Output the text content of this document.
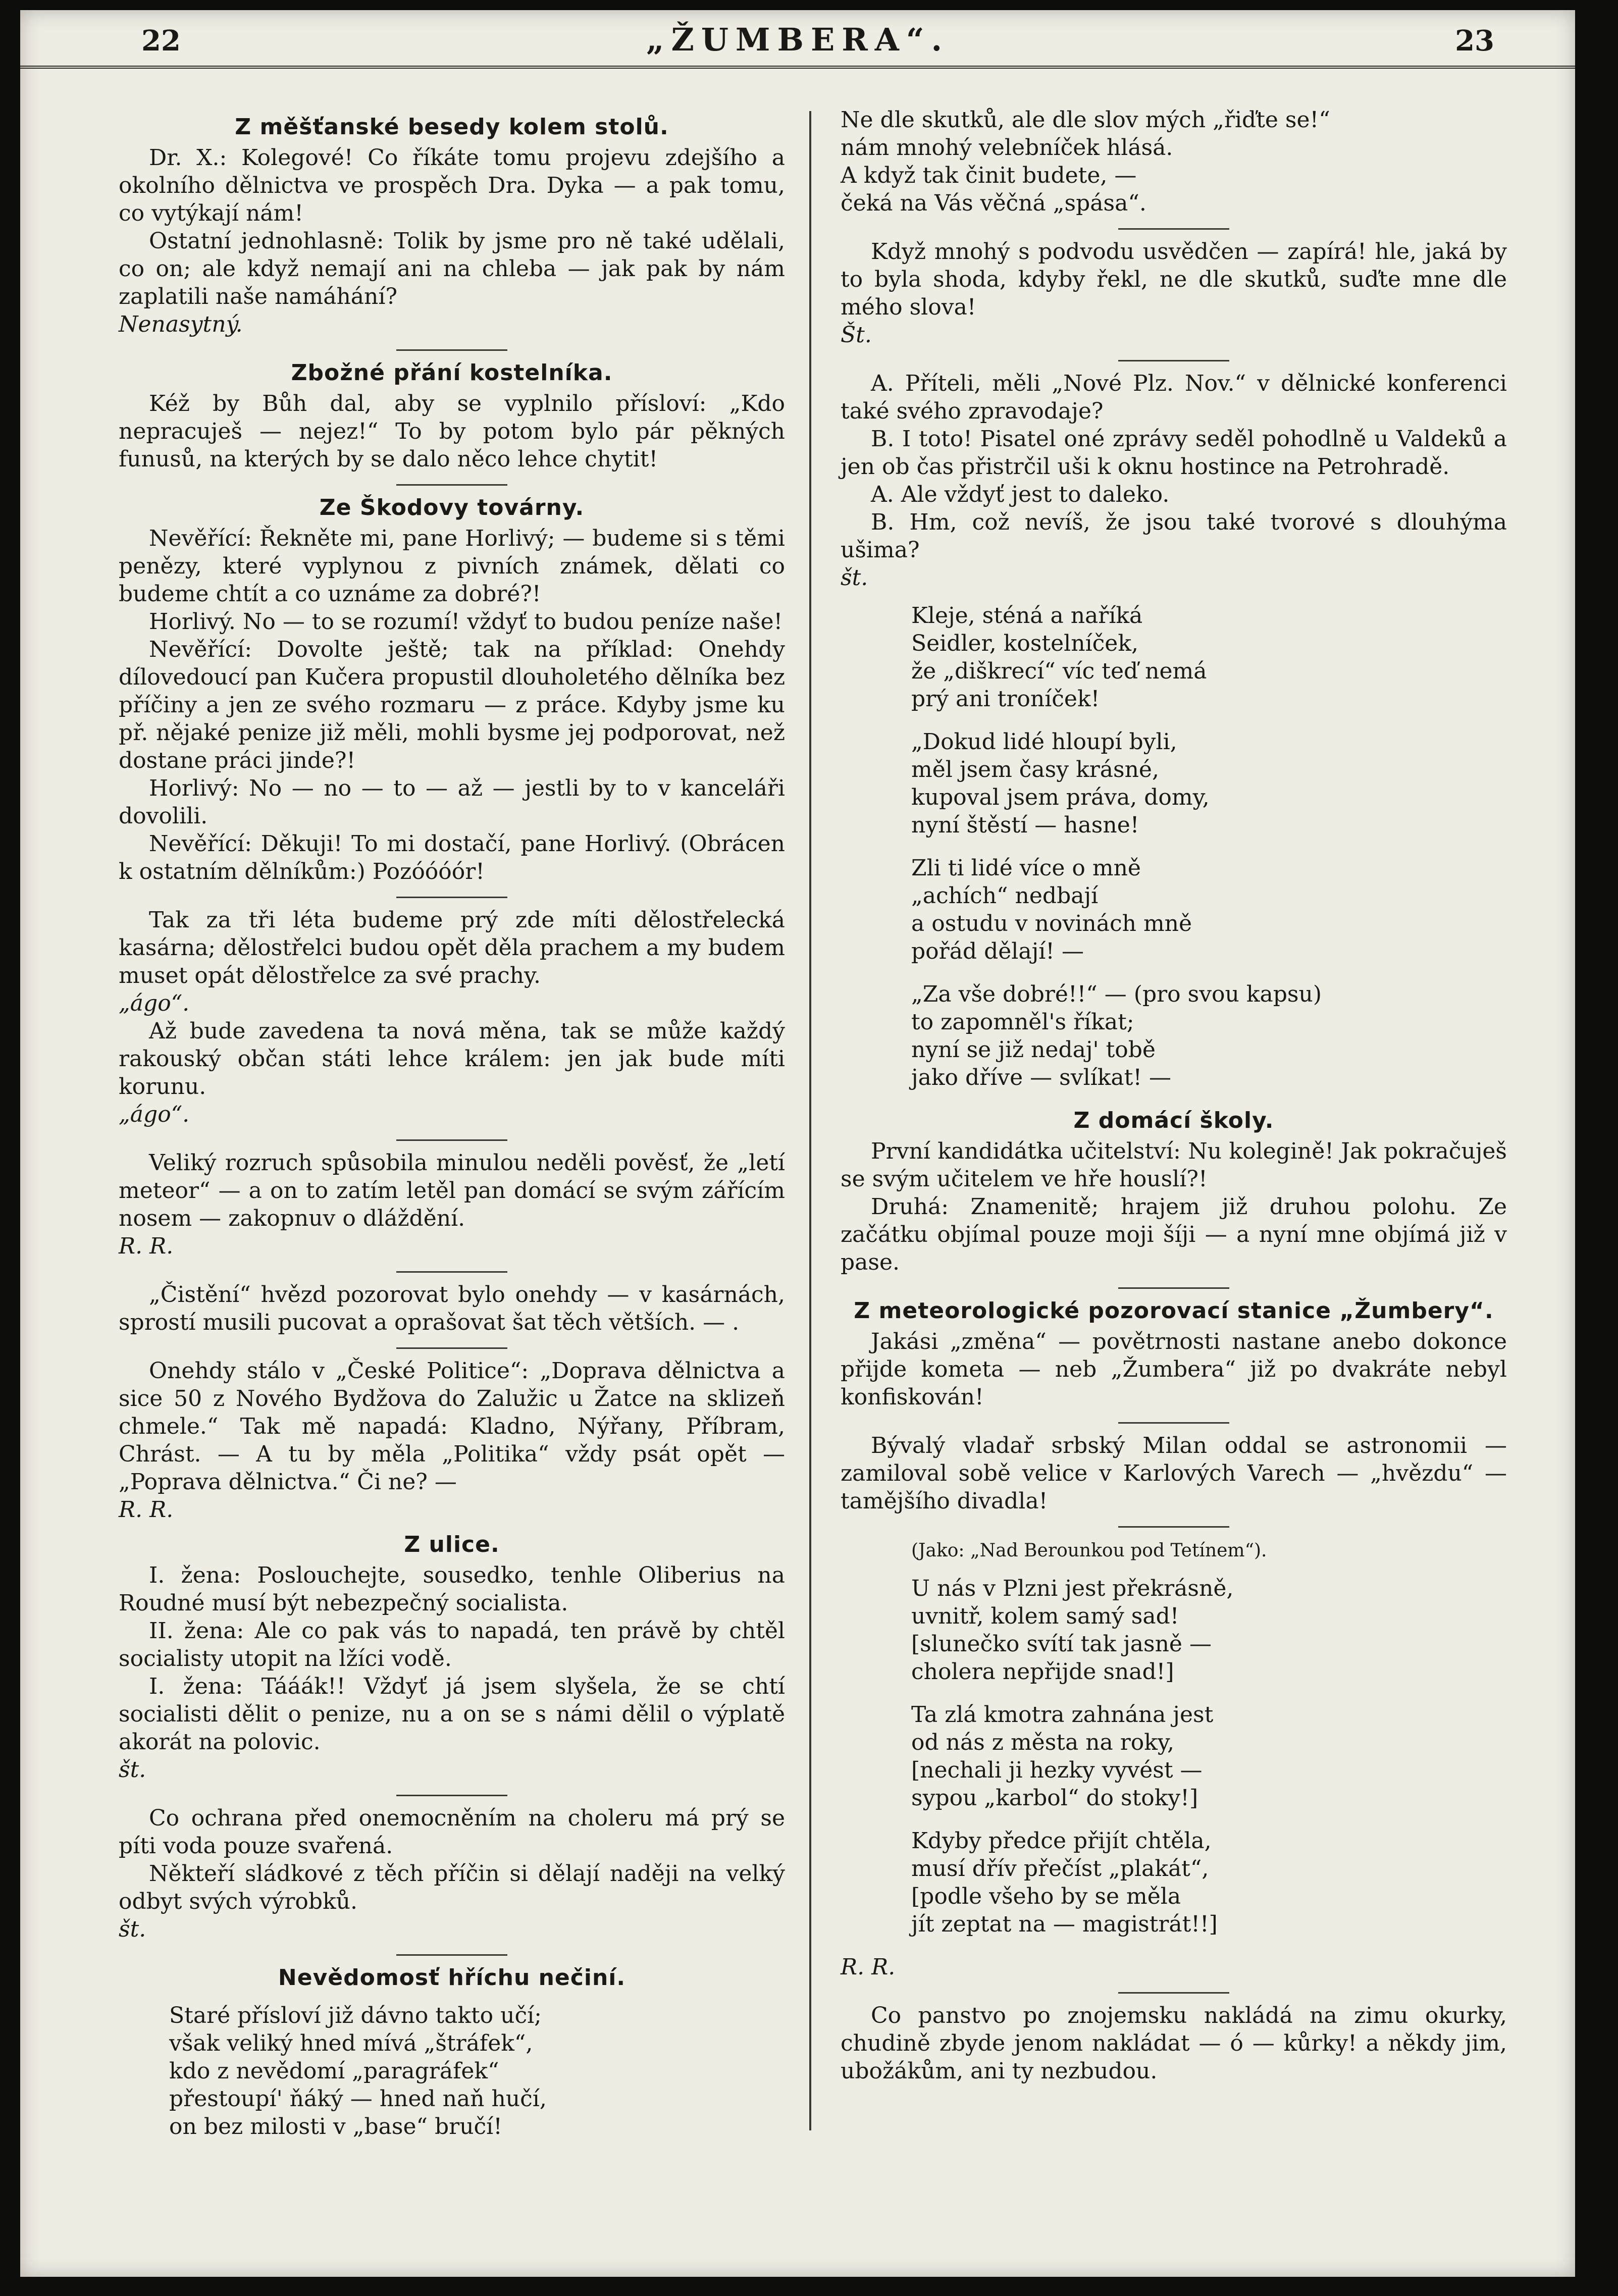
22	„ŽUMBERA“.	23
Z měšťanské besedy kolem stolů.

Dr. X.: Kolegové! Co říkáte tomu projevu zdejšího a okolního dělnictva ve prospěch Dra. Dyka — a pak tomu, co vytýkají nám!

Ostatní jednohlasně: Tolik by jsme pro ně také udělali, co on; ale když nemají ani na chleba — jak pak by nám zaplatili naše namáhání?

Nenasytný.

Zbožné přání kostelníka.

Kéž by Bůh dal, aby se vyplnilo přísloví: „Kdo nepracuješ — nejez!“ To by potom bylo pár pěkných funusů, na kterých by se dalo něco lehce chytit!

Ze Škodovy továrny.

Nevěřící: Řekněte mi, pane Horlivý; — budeme si s těmi penězy, které vyplynou z pivních známek, dělati co budeme chtít a co uznáme za dobré?!

Horlivý. No — to se rozumí! vždyť to budou peníze naše!

Nevěřící: Dovolte ještě; tak na příklad: Onehdy dílovedoucí pan Kučera propustil dlouholetého dělníka bez příčiny a jen ze svého rozmaru — z práce. Kdyby jsme ku př. nějaké penize již měli, mohli bysme jej podporovat, než dostane práci jinde?!

Horlivý: No — no — to — až — jestli by to v kanceláři dovolili.

Nevěřící: Děkuji! To mi dostačí, pane Horlivý. (Obrácen k ostatním dělníkům:) Pozóóóór!

Tak za tři léta budeme prý zde míti dělostřelecká kasárna; dělostřelci budou opět děla prachem a my budem muset opát dělostřelce za své prachy.

„ágo“.

Až bude zavedena ta nová měna, tak se může každý rakouský občan státi lehce králem: jen jak bude míti korunu.

„ágo“.

Veliký rozruch spůsobila minulou neděli pověsť, že „letí meteor“ — a on to zatím letěl pan domácí se svým zářícím nosem — zakopnuv o dláždění.

R. R.

„Čistění“ hvězd pozorovat bylo onehdy — v kasárnách, sprostí musili pucovat a oprašovat šat těch větších. — .

Onehdy stálo v „České Politice“: „Doprava dělnictva a sice 50 z Nového Bydžova do Zalužic u Žatce na sklizeň chmele.“ Tak mě napadá: Kladno, Nýřany, Příbram, Chrást. — A tu by měla „Politika“ vždy psát opět — „Poprava dělnictva.“ Či ne? —

R. R.

Z ulice.

I. žena: Posloucheјte, sousedko, tenhle Oliberius na Roudné musí být nebezpečný socialista.

II. žena: Ale co pak vás to napadá, ten právě by chtěl socialisty utopit na lžíci vodě.

I. žena: Tááák!! Vždyť já jsem slyšela, že se chtí socialisti dělit o penize, nu a on se s námi dělil o výplatě akorát na polovic.

št.

Co ochrana před onemocněním na choleru má prý se píti voda pouze svařená.

Někteří sládkové z těch příčin si dělají naději na velký odbyt svých výrobků.

št.

Nevědomosť hříchu nečiní.
Staré přísloví již dávno takto učí;
však veliký hned mívá „štráfek“,
kdo z nevědomí „paragráfek“
přestoupí' ňáký — hned naň hučí,
on bez milosti v „base“ bručí!
Ne dle skutků, ale dle slov mých „řiďte se!“
nám mnohý velebníček hlásá.
A když tak činit budete, —
čeká na Vás věčná „spása“.

Když mnohý s podvodu usvědčen — zapírá! hle, jaká by to byla shoda, kdyby řekl, ne dle skutků, suďte mne dle mého slova!

Št.

A. Příteli, měli „Nové Plz. Nov.“ v dělnické konferenci také svého zpravodaje?

B. I toto! Pisatel oné zprávy seděl pohodlně u Valdeků a jen ob čas přistrčil uši k oknu hostince na Petrohradě.

A. Ale vždyť jest to daleko.

B. Hm, což nevíš, že jsou také tvorové s dlouhýma ušima?

št.

Kleje, sténá a naříká
Seidler, kostelníček,
že „diškrecí“ víc teď nemá
prý ani troníček!
„Dokud lidé hloupí byli,
měl jsem časy krásné,
kupoval jsem práva, domy,
nyní štěstí — hasne!
Zli ti lidé více o mně
„achích“ nedbají
a ostudu v novinách mně
pořád dělají! —
„Za vše dobré!!“ — (pro svou kapsu)
to zapomněl's říkat;
nyní se již nedaj' tobě
jako dříve — svlíkat! —
Z domácí školy.

První kandidátka učitelství: Nu kolegině! Jak pokračuješ se svým učitelem ve hře houslí?!

Druhá: Znamenitě; hrajem již druhou polohu. Ze začátku objímal pouze moji šíji — a nyní mne objímá již v pase.

Z meteorologické pozorovací stanice „Žumbery“.

Jakási „změna“ — povětrnosti nastane anebo dokonce přijde kometa — neb „Žumbera“ již po dvakráte nebyl konfiskován!

Bývalý vladař srbský Milan oddal se astronomii — zamiloval sobě velice v Karlových Varech — „hvězdu“ — tamějšího divadla!

(Jako: „Nad Berounkou pod Tetínem“).
U nás v Plzni jest překrásně,
uvnitř, kolem samý sad!
[slunečko svítí tak jasně —
cholera nepřijde snad!]
Ta zlá kmotra zahnána jest
od nás z města na roky,
[nechali ji hezky vyvést —
sypou „karbol“ do stoky!]
Kdyby předce přijít chtěla,
musí dřív přečíst „plakát“,
[podle všeho by se měla
jít zeptat na — magistrát!!]

R. R.

Co panstvo po znojemsku nakládá na zimu okurky, chudině zbyde jenom nakládat — ó — kůrky! a někdy jim, ubožákům, ani ty nezbudou.
